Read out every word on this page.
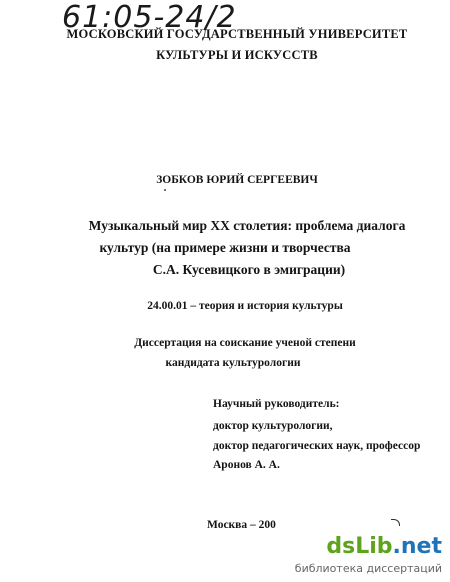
61:05-24/2
МОСКОВСКИЙ ГОСУДАРСТВЕННЫЙ УНИВЕРСИТЕТ
КУЛЬТУРЫ И ИСКУССТВ
ЗОБКОВ ЮРИЙ СЕРГЕЕВИЧ
Музыкальный мир XX столетия: проблема диалога
культур (на примере жизни и творчества
С.А. Кусевицкого в эмиграции)
24.00.01 – теория и история культуры
Диссертация на соискание ученой степени
кандидата культурологии
Научный руководитель:
доктор культурологии,
доктор педагогических наук, профессор
Аронов А. А.
Москва – 200
dsLib.net
библиотека диссертаций
